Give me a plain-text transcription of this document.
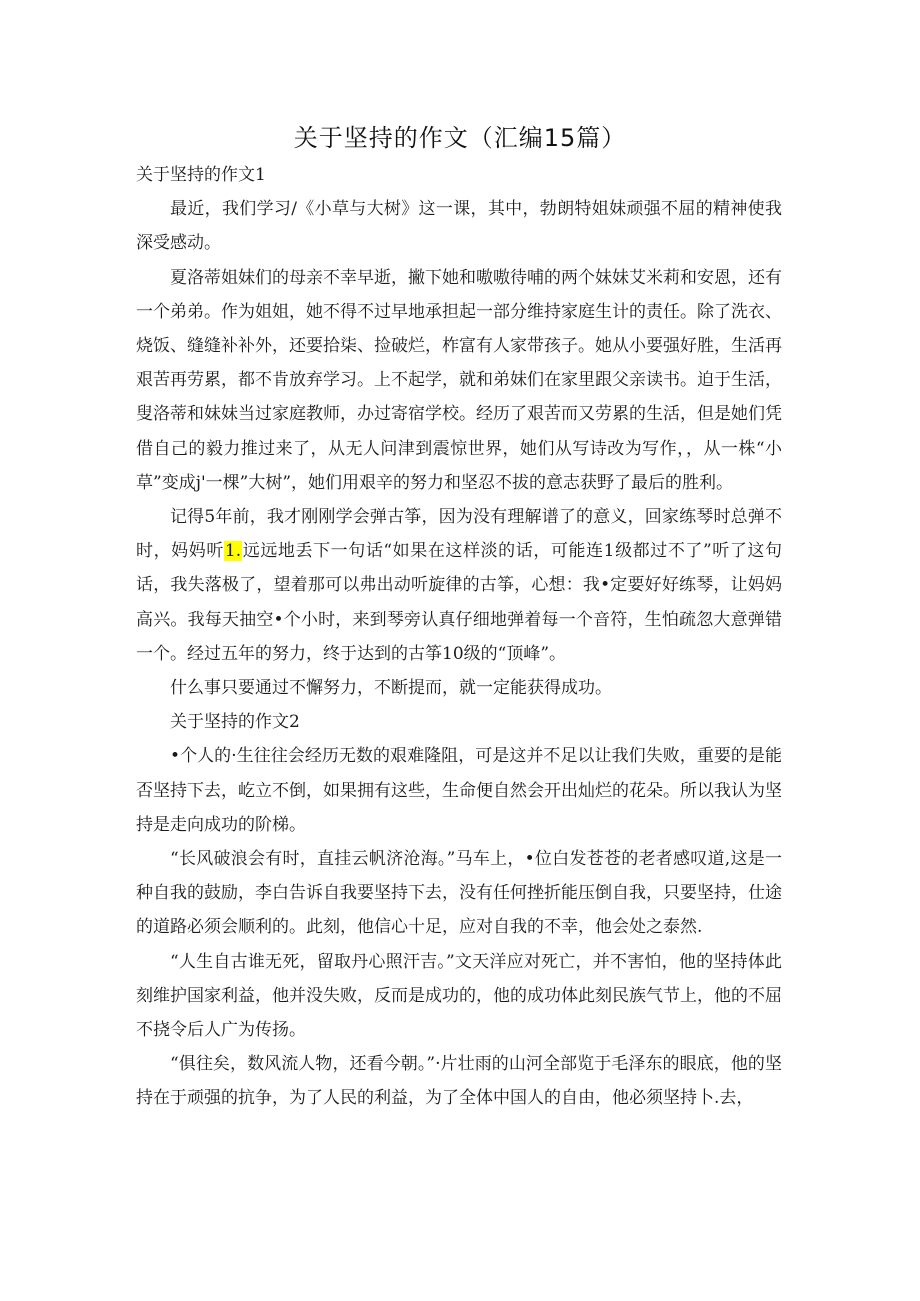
关于坚持的作文（汇编15篇）

关于坚持的作文1

最近，我们学习/《小草与大树》这一课，其中，勃朗特姐妹顽强不屈的精神使我深受感动。

夏洛蒂姐妹们的母亲不幸早逝，撇下她和嗷嗷待哺的两个妹妹艾米莉和安恩，还有一个弟弟。作为姐姐，她不得不过早地承担起一部分维持家庭生计的责任。除了洗衣、烧饭、缝缝补补外，还要拾柒、捡破烂，柞富有人家带孩子。她从小要强好胜，生活再艰苦再劳累，都不肯放弃学习。上不起学，就和弟妹们在家里跟父亲读书。迫于生活，叟洛蒂和妹妹当过家庭教师，办过寄宿学校。经历了艰苦而又劳累的生活，但是她们凭借自己的毅力推过来了，从无人问津到震惊世界，她们从写诗改为写作，，从一株“小草”变成j'一棵”大树”，她们用艰辛的努力和坚忍不拔的意志获野了最后的胜利。

记得5年前，我才刚刚学会弹古筝，因为没有理解谱了的意义，回家练琴时总弹不时，妈妈听1.远远地丢下一句话“如果在这样淡的话，可能连1级都过不了”听了这句话，我失落极了，望着那可以弗出动听旋律的古筝，心想：我•定要好好练琴，让妈妈高兴。我每天抽空•个小时，来到琴旁认真仔细地弹着每一个音符，生怕疏忽大意弹错一个。经过五年的努力，终于达到的古筝10级的“顶峰”。

什么事只要通过不懈努力，不断提而，就一定能获得成功。

关于坚持的作文2

•个人的·生往往会经历无数的艰难隆阻，可是这并不足以让我们失败，重要的是能否坚持下去，屹立不倒，如果拥有这些，生命便自然会开出灿烂的花朵。所以我认为坚持是走向成功的阶梯。

“长风破浪会有时，直挂云帆济沧海。”马车上，•位白发苍苍的老者感叹道,这是一种自我的鼓励，李白告诉自我要坚持下去，没有任何挫折能压倒自我，只要坚持，仕途的道路必须会顺利的。此刻，他信心十足，应对自我的不幸，他会处之泰然.

“人生自古谁无死，留取丹心照汗吉。”文天洋应对死亡，并不害怕，他的坚持体此刻维护国家利益，他并没失败，反而是成功的，他的成功体此刻民族气节上，他的不屈不挠令后人广为传扬。

“俱往矣，数风流人物，还看今朝。”·片壮雨的山河全部览于毛泽东的眼底，他的坚持在于顽强的抗争，为了人民的利益，为了全体中国人的自由，他必须坚持卜.去，
